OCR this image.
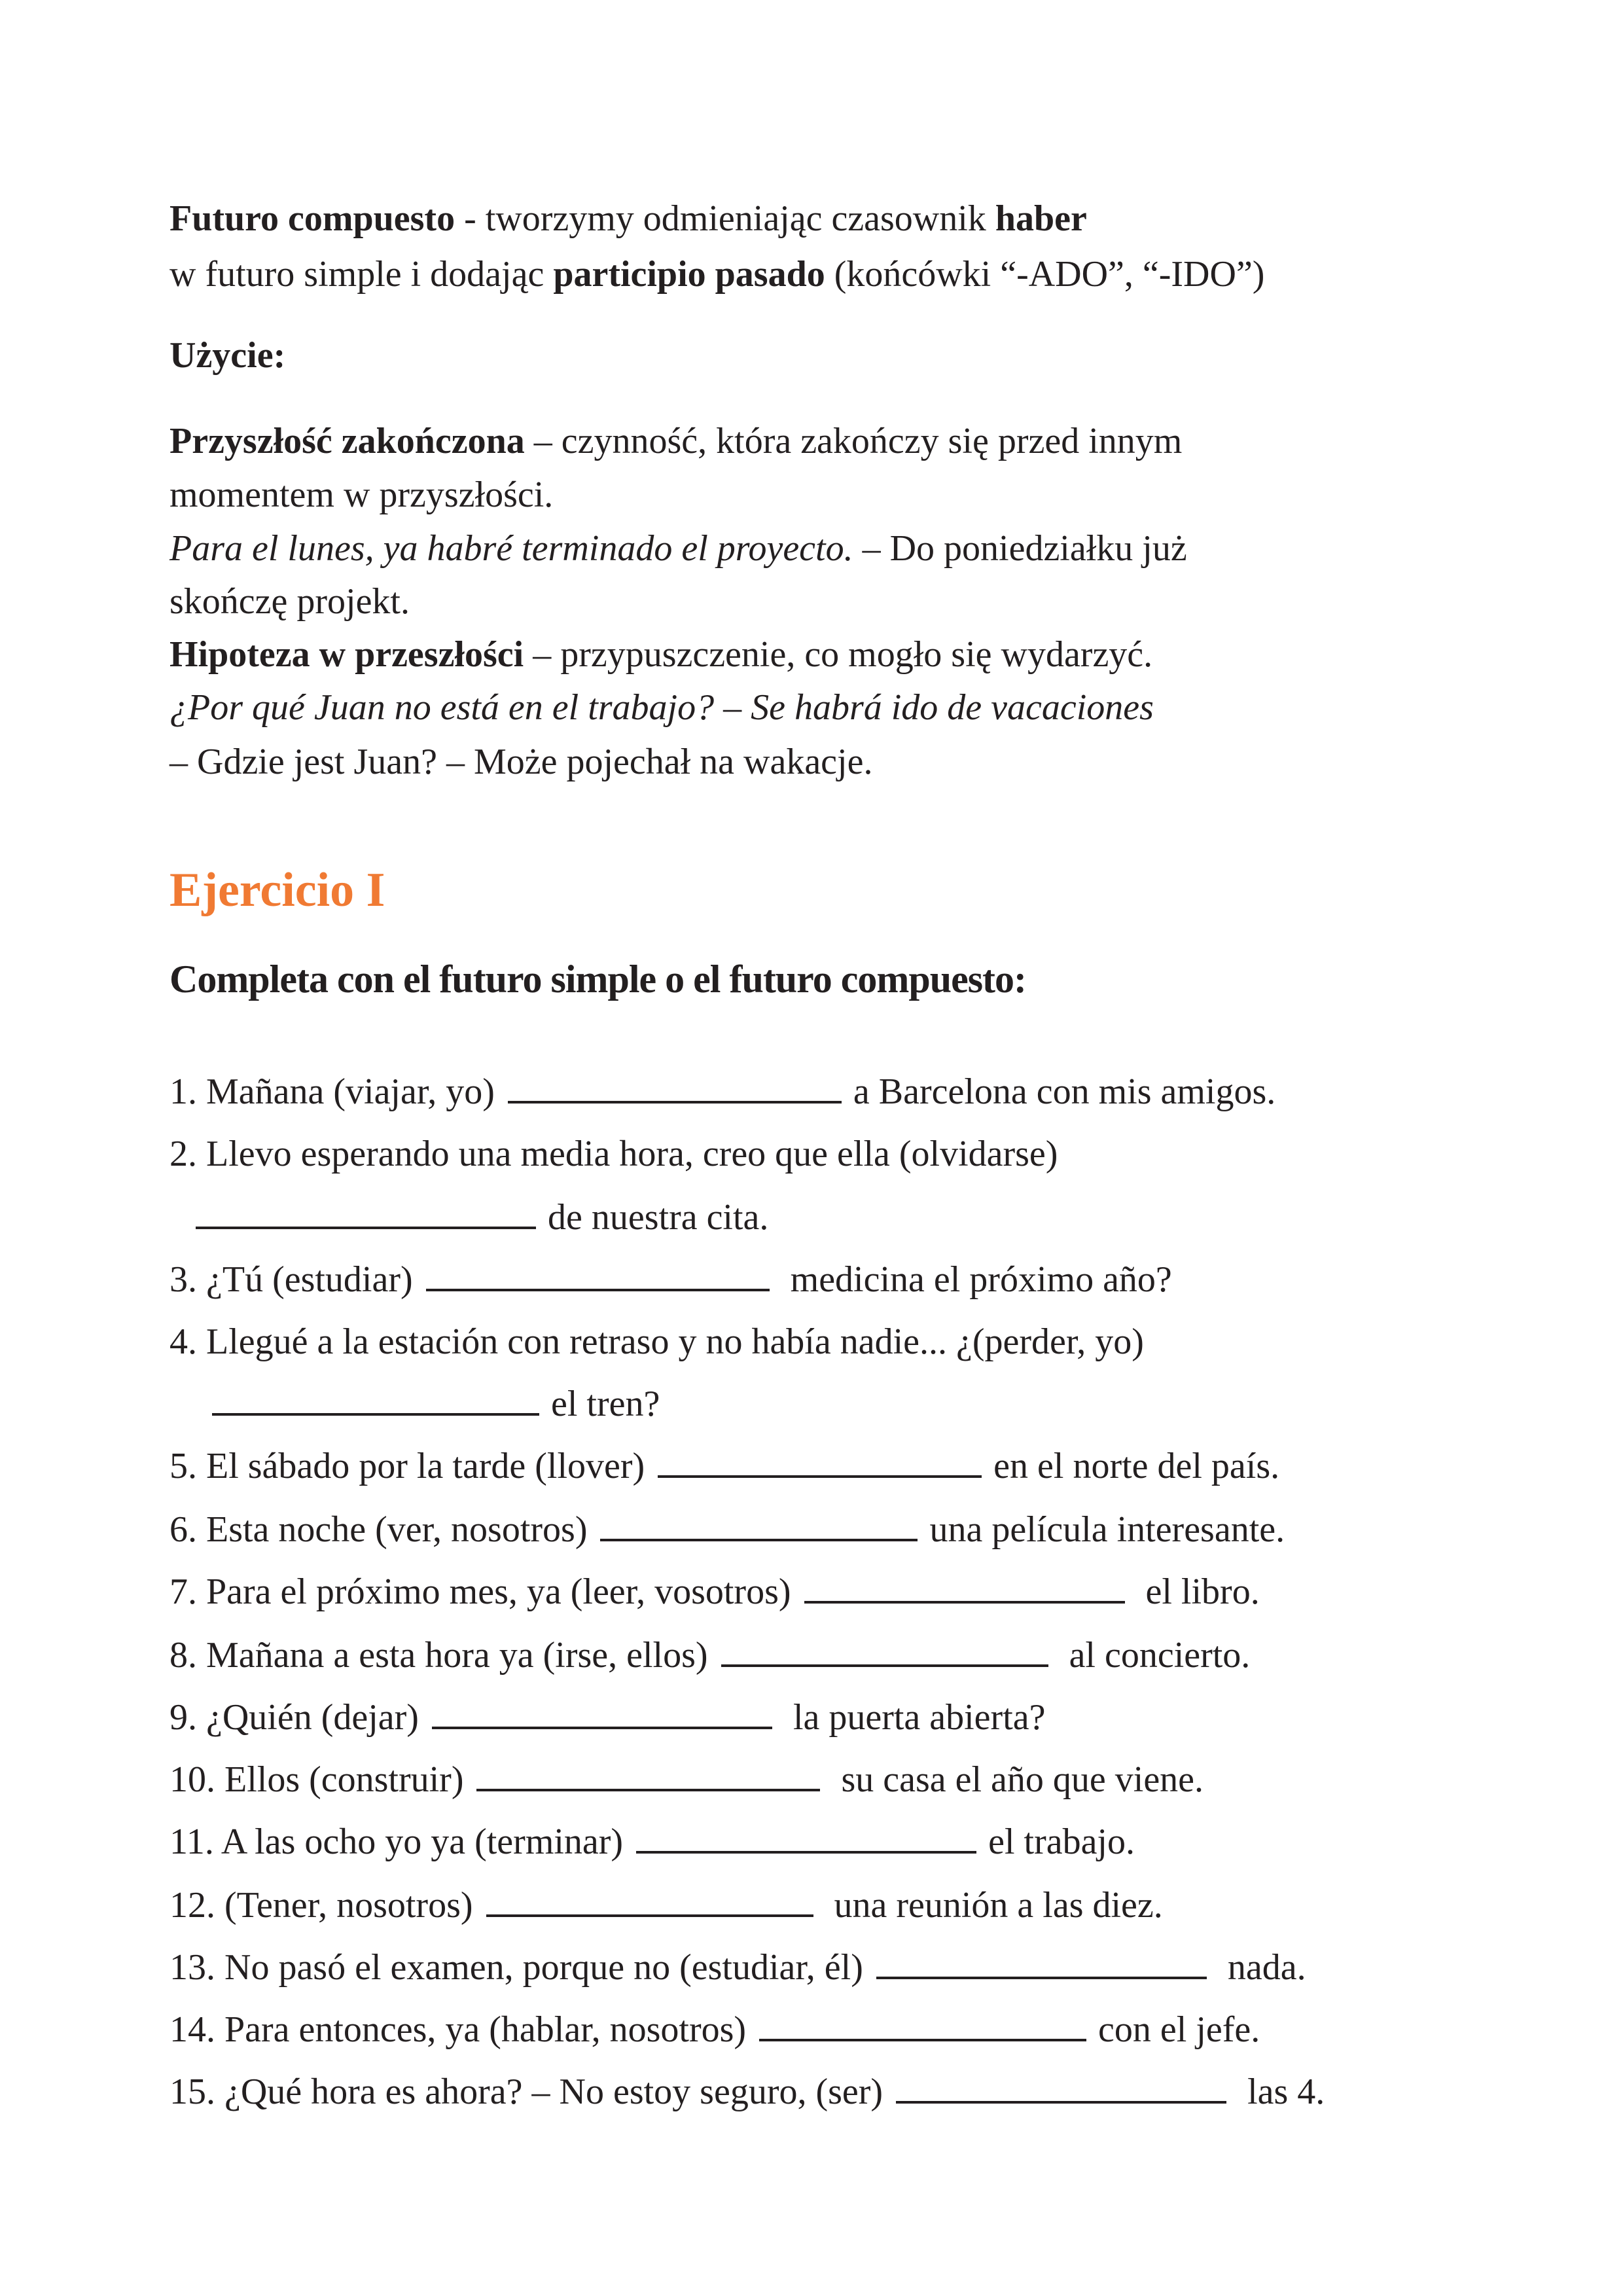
Futuro compuesto - tworzymy odmieniając czasownik haber
w futuro simple i dodając participio pasado (końcówki “-ADO”, “-IDO”)
Użycie:
Przyszłość zakończona – czynność, która zakończy się przed innym
momentem w przyszłości.
Para el lunes, ya habré terminado el proyecto. – Do poniedziałku już
skończę projekt.
Hipoteza w przeszłości – przypuszczenie, co mogło się wydarzyć.
¿Por qué Juan no está en el trabajo? – Se habrá ido de vacaciones
– Gdzie jest Juan? – Może pojechał na wakacje.
Ejercicio I
Completa con el futuro simple o el futuro compuesto:
1. Mañana (viajar, yo)	a Barcelona con mis amigos.
2. Llevo esperando una media hora, creo que ella (olvidarse)
de nuestra cita.
3. ¿Tú (estudiar)	medicina el próximo año?
4. Llegué a la estación con retraso y no había nadie... ¿(perder, yo)
el tren?
5. El sábado por la tarde (llover)	en el norte del país.
6. Esta noche (ver, nosotros)	una película interesante.
7. Para el próximo mes, ya (leer, vosotros)	el libro.
8. Mañana a esta hora ya (irse, ellos)	al concierto.
9. ¿Quién (dejar)	la puerta abierta?
10. Ellos (construir)	su casa el año que viene.
11. A las ocho yo ya (terminar)	el trabajo.
12. (Tener, nosotros)	una reunión a las diez.
13. No pasó el examen, porque no (estudiar, él)	nada.
14. Para entonces, ya (hablar, nosotros)	con el jefe.
15. ¿Qué hora es ahora? – No estoy seguro, (ser)	las 4.
